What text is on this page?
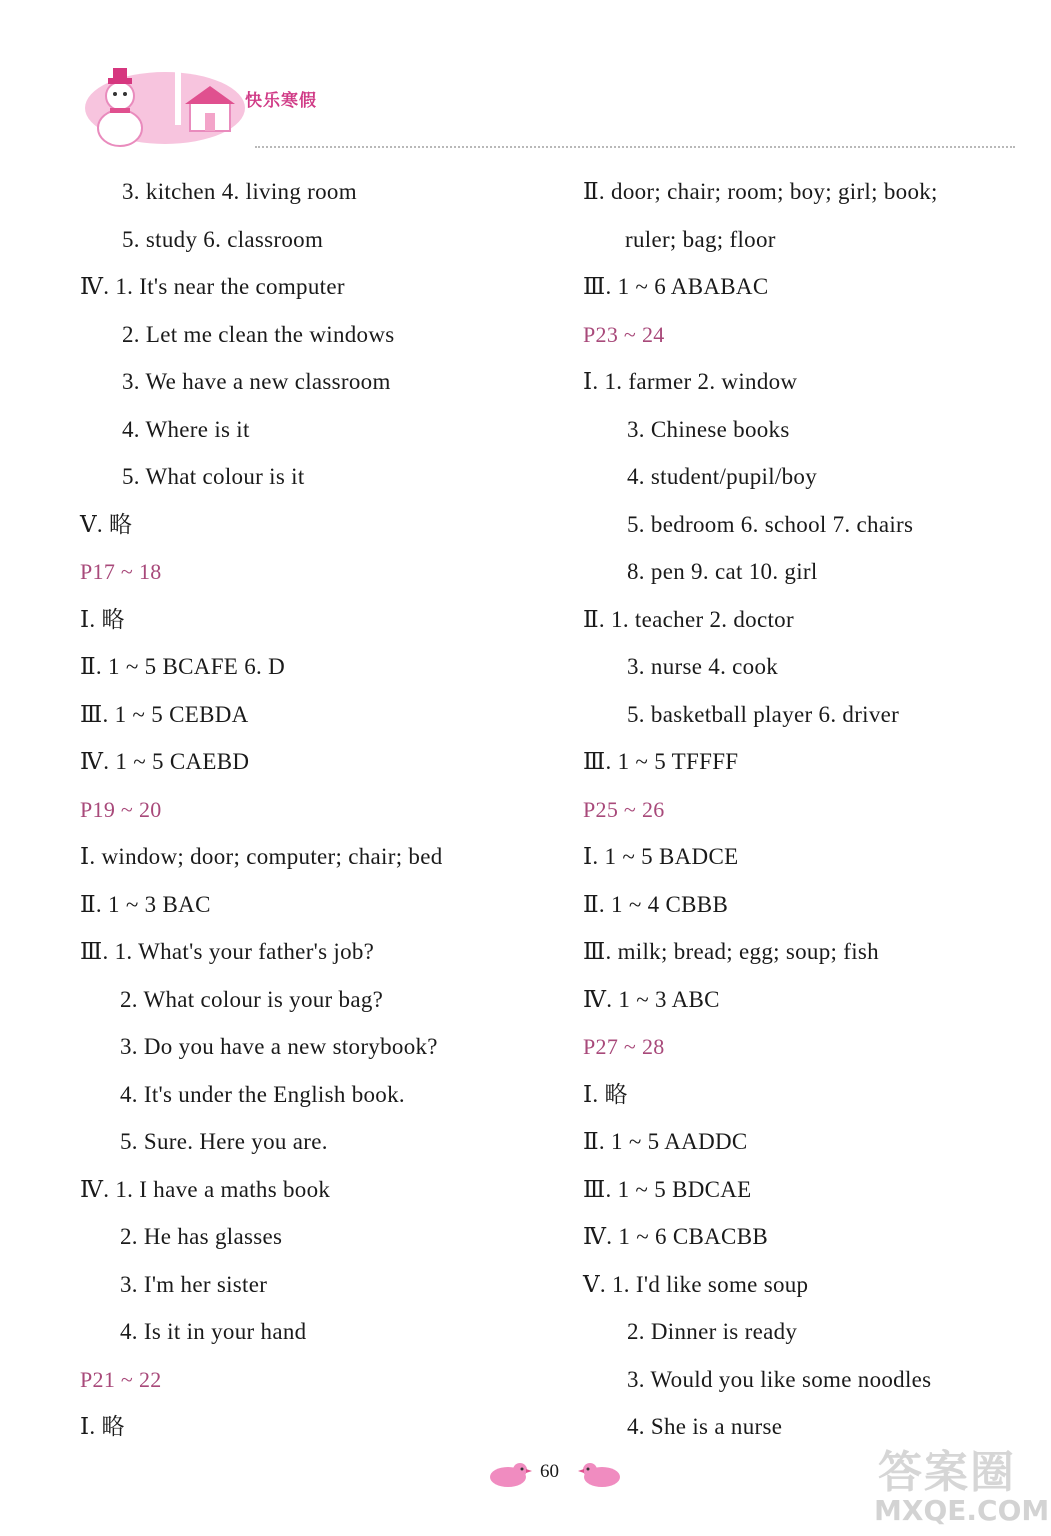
快乐寒假
3. kitchen 4. living room
5. study 6. classroom
Ⅳ. 1. It's near the computer
2. Let me clean the windows
3. We have a new classroom
4. Where is it
5. What colour is it
Ⅴ. 略
P17 ~ 18
Ⅰ. 略
Ⅱ. 1 ~ 5 BCAFE 6. D
Ⅲ. 1 ~ 5 CEBDA
Ⅳ. 1 ~ 5 CAEBD
P19 ~ 20
Ⅰ. window; door; computer; chair; bed
Ⅱ. 1 ~ 3 BAC
Ⅲ. 1. What's your father's job?
2. What colour is your bag?
3. Do you have a new storybook?
4. It's under the English book.
5. Sure. Here you are.
Ⅳ. 1. I have a maths book
2. He has glasses
3. I'm her sister
4. Is it in your hand
P21 ~ 22
Ⅰ. 略
Ⅱ. door; chair; room; boy; girl; book;
ruler; bag; floor
Ⅲ. 1 ~ 6 ABABAC
P23 ~ 24
Ⅰ. 1. farmer 2. window
3. Chinese books
4. student/pupil/boy
5. bedroom 6. school 7. chairs
8. pen 9. cat 10. girl
Ⅱ. 1. teacher 2. doctor
3. nurse 4. cook
5. basketball player 6. driver
Ⅲ. 1 ~ 5 TFFFF
P25 ~ 26
Ⅰ. 1 ~ 5 BADCE
Ⅱ. 1 ~ 4 CBBB
Ⅲ. milk; bread; egg; soup; fish
Ⅳ. 1 ~ 3 ABC
P27 ~ 28
Ⅰ. 略
Ⅱ. 1 ~ 5 AADDC
Ⅲ. 1 ~ 5 BDCAE
Ⅳ. 1 ~ 6 CBACBB
Ⅴ. 1. I'd like some soup
2. Dinner is ready
3. Would you like some noodles
4. She is a nurse
60	答案圈
MXQE.COM
